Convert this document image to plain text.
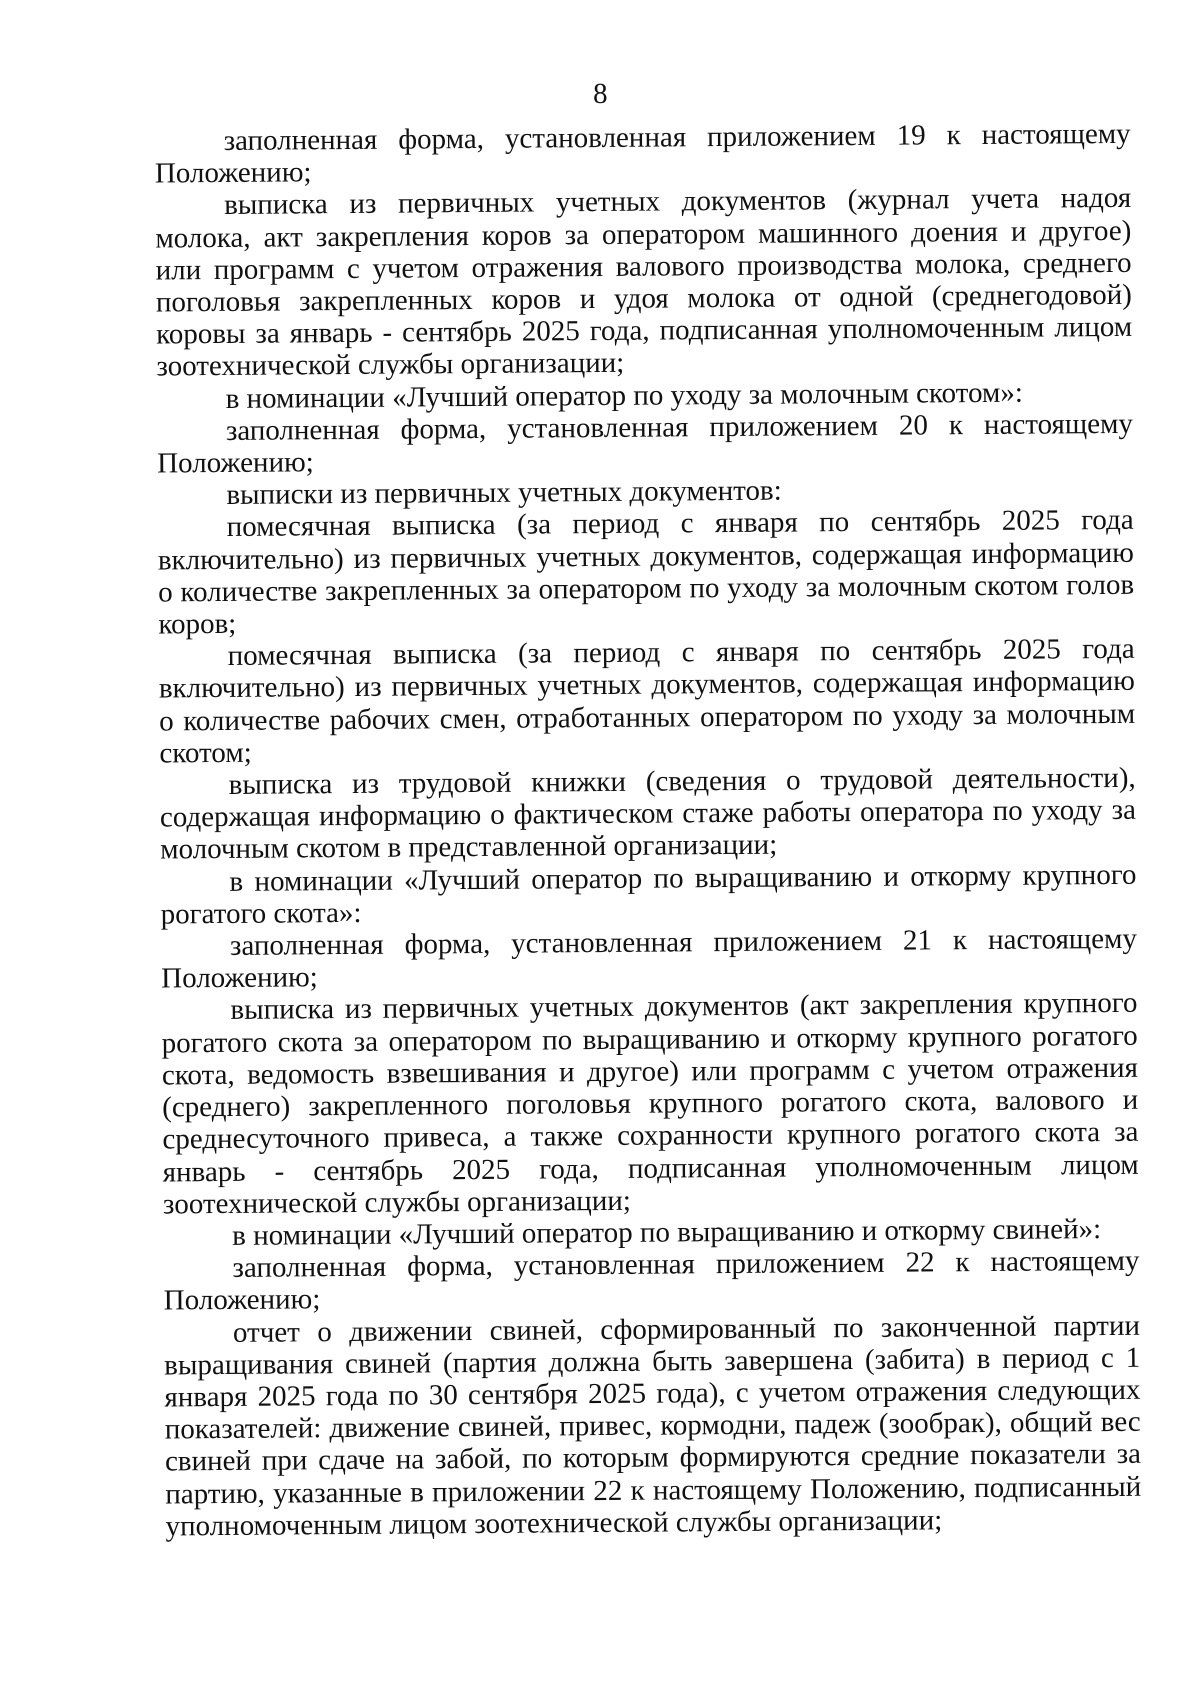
8

заполненная форма, установленная приложением 19 к настоящему Положению;

выписка из первичных учетных документов (журнал учета надоя молока, акт закрепления коров за оператором машинного доения и другое) или программ с учетом отражения валового производства молока, среднего поголовья закрепленных коров и удоя молока от одной (среднегодовой) коровы за январь - сентябрь 2025 года, подписанная уполномоченным лицом зоотехнической службы организации;

в номинации «Лучший оператор по уходу за молочным скотом»:

заполненная форма, установленная приложением 20 к настоящему Положению;

выписки из первичных учетных документов:

помесячная выписка (за период с января по сентябрь 2025 года включительно) из первичных учетных документов, содержащая информацию о количестве закрепленных за оператором по уходу за молочным скотом голов коров;

помесячная выписка (за период с января по сентябрь 2025 года включительно) из первичных учетных документов, содержащая информацию о количестве рабочих смен, отработанных оператором по уходу за молочным скотом;

выписка из трудовой книжки (сведения о трудовой деятельности), содержащая информацию о фактическом стаже работы оператора по уходу за молочным скотом в представленной организации;

в номинации «Лучший оператор по выращиванию и откорму крупного рогатого скота»:

заполненная форма, установленная приложением 21 к настоящему Положению;

выписка из первичных учетных документов (акт закрепления крупного рогатого скота за оператором по выращиванию и откорму крупного рогатого скота, ведомость взвешивания и другое) или программ с учетом отражения (среднего) закрепленного поголовья крупного рогатого скота, валового и среднесуточного привеса, а также сохранности крупного рогатого скота за январь - сентябрь 2025 года, подписанная уполномоченным лицом зоотехнической службы организации;

в номинации «Лучший оператор по выращиванию и откорму свиней»:

заполненная форма, установленная приложением 22 к настоящему Положению;

отчет о движении свиней, сформированный по законченной партии выращивания свиней (партия должна быть завершена (забита) в период с 1 января 2025 года по 30 сентября 2025 года), с учетом отражения следующих показателей: движение свиней, привес, кормодни, падеж (зообрак), общий вес свиней при сдаче на забой, по которым формируются средние показатели за партию, указанные в приложении 22 к настоящему Положению, подписанный уполномоченным лицом зоотехнической службы организации;
